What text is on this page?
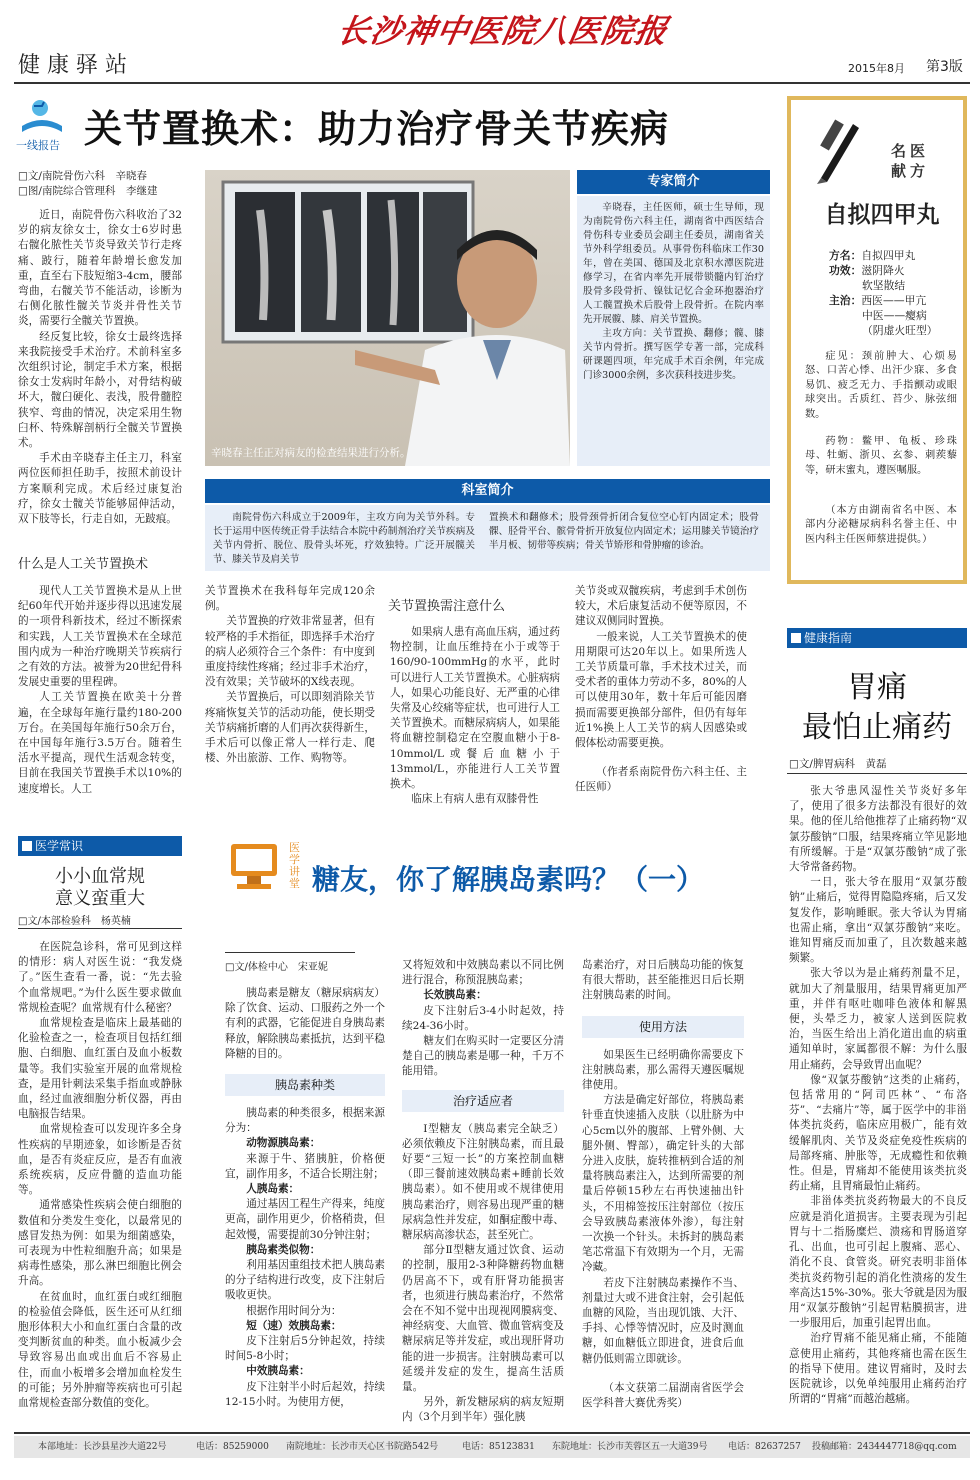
健康驿站
长沙神中医院八医院报
2015年8月 第3版
一线报告 关节置换术：助力治疗骨关节疾病
□文/南院骨伤六科　辛晓春
□图/南院综合管理科　李继建

近日，南院骨伤六科收治了32岁的病友徐女士，徐女士6岁时患右髋化脓性关节炎导致关节行走疼痛、跛行，随着年龄增长愈发加重，直至右下肢短缩3-4cm，腰部弯曲，右髋关节不能活动，诊断为右侧化脓性髋关节炎并骨性关节炎，需要行全髋关节置换。

经反复比较，徐女士最终选择来我院接受手术治疗。术前科室多次组织讨论，制定手术方案，根据徐女士发病时年龄小，对骨结构破坏大，髋臼硬化、表浅，股骨髓腔狭窄、弯曲的情况，决定采用生物臼杯、特殊解剖柄行全髋关节置换术。

手术由辛晓春主任主刀，科室两位医师担任助手，按照术前设计方案顺利完成。术后经过康复治疗，徐女士髋关节能够屈伸活动，双下肢等长，行走自如，无跛痕。

辛晓春主任正对病友的检查结果进行分析。
专家简介

辛晓春，主任医师，硕士生导师，现为南院骨伤六科主任，湖南省中西医结合骨伤科专业委员会副主任委员，湖南省关节外科学组委员。从事骨伤科临床工作30年，曾在美国、德国及北京积水潭医院进修学习，在省内率先开展带锁髓内钉治疗股骨多段骨折、镍钛记忆合金环抱器治疗人工髋置换术后股骨上段骨折。在院内率先开展髋、膝、肩关节置换。

主攻方向：关节置换、翻修；髋、膝关节内骨折。撰写医学专著一部，完成科研课题四项，年完成手术百余例，年完成门诊3000余例，多次获科技进步奖。

科室简介
南院骨伤六科成立于2009年，主攻方向为关节外科。专长于运用中医传统正骨手法结合本院中药制剂治疗关节疾病及关节内骨折、脱位、股骨头坏死，疗效独特。广泛开展髋关节、膝关节及肩关节
置换术和翻修术；股骨颈骨折闭合复位空心钉内固定术；股骨髁、胫骨平台、髌骨骨折开放复位内固定术；运用膝关节镜治疗半月板、韧带等疾病；骨关节矫形和骨肿瘤的诊治。
什么是人工关节置换术

现代人工关节置换术是从上世纪60年代开始并逐步得以迅速发展的一项骨科新技术，经过不断探索和实践，人工关节置换术在全球范围内成为一种治疗晚期关节疾病行之有效的方法。被誉为20世纪骨科发展史重要的里程碑。

人工关节置换在欧美十分普遍，在全球每年施行量约180-200万台。在美国每年施行50余万台，在中国每年施行3.5万台。随着生活水平提高，现代生活观念转变，目前在我国关节置换手术以10%的速度增长。人工

关节置换术在我科每年完成120余例。

关节置换的疗效非常显著，但有较严格的手术指征，即选择手术治疗的病人必须符合三个条件：有中度到重度持续性疼痛；经过非手术治疗，没有效果；关节破坏的X线表现。

关节置换后，可以即刻消除关节疼痛恢复关节的活动功能，使长期受关节病痛折磨的人们再次获得新生，手术后可以像正常人一样行走、爬楼、外出旅游、工作、购物等。

关节置换需注意什么

如果病人患有高血压病，通过药物控制，让血压维持在小于或等于160/90-100mmHg的水平，此时可以进行人工关节置换术。心脏病病人，如果心功能良好、无严重的心律失常及心绞痛等症状，也可进行人工关节置换术。而糖尿病病人，如果能将血糖控制稳定在空腹血糖小于8-10mmol/L或餐后血糖小于13mmol/L，亦能进行人工关节置换术。

临床上有病人患有双膝骨性

关节炎或双髋疾病，考虑到手术创伤较大，术后康复活动不便等原因，不建议双侧同时置换。

一般来说，人工关节置换术的使用期限可达20年以上。如果所选人工关节质量可靠，手术技术过关，而受术者的重体力劳动不多，80%的人可以使用30年，数十年后可能因磨损而需要更换部分部件，但仍有每年近1%换上人工关节的病人因感染或假体松动需要更换。

（作者系南院骨伤六科主任、主任医师）

名医
献方
自拟四甲丸
方名：自拟四甲丸
功效：滋阴降火
软坚散结
主治：西医——甲亢
中医——瘿病
（阴虚火旺型）
症见：颈前肿大、心烦易怒、口苦心悸、出汗少寐、多食易饥、疲乏无力、手指颤动或眼球突出。舌质红、苔少、脉弦细数。
药物：鳖甲、龟板、珍珠母、牡蛎、浙贝、玄参、刺蒺藜等，研末蜜丸，遵医嘱服。
（本方由湖南省名中医、本部内分泌糖尿病科名誉主任、中医内科主任医师蔡进提供。）
健康指南
胃痛
最怕止痛药
□文/脾胃病科　黄磊

张大爷患风湿性关节炎好多年了，使用了很多方法都没有很好的效果。他的侄儿给他推荐了止痛药物“双氯芬酸钠”口服，结果疼痛立竿见影地有所缓解。于是“双氯芬酸钠”成了张大爷常备药物。

一日，张大爷在服用“双氯芬酸钠”止痛后，觉得胃隐隐疼痛，后又发复发作，影响睡眠。张大爷认为胃痛也需止痛，拿出“双氯芬酸钠”来吃。谁知胃痛反而加重了，且次数越来越频繁。

张大爷以为是止痛药剂量不足，就加大了剂量服用，结果胃痛更加严重，并伴有呕吐咖啡色液体和解黑便，头晕乏力，被家人送到医院救治，当医生给出上消化道出血的病重通知单时，家属都很不解：为什么服用止痛药，会导致胃出血呢？

像“双氯芬酸钠”这类的止痛药，包括常用的“阿司匹林”、“布洛芬”、“去痛片”等，属于医学中的非甾体类抗炎药，临床应用极广，能有效缓解肌肉、关节及炎症免疫性疾病的局部疼痛、肿胀等，无成瘾性和依赖性。但是，胃痛却不能使用该类抗炎药止痛，且胃痛最怕止痛药。

非甾体类抗炎药物最大的不良反应就是消化道损害。主要表现为引起胃与十二指肠糜烂、溃疡和胃肠道穿孔、出血，也可引起上腹痛、恶心、消化不良、食管炎。研究表明非甾体类抗炎药物引起的消化性溃疡的发生率高达15%-30%。张大爷就是因为服用“双氯芬酸钠”引起胃粘膜损害，进一步服用后，加重引起胃出血。

治疗胃痛不能见痛止痛，不能随意使用止痛药，其他疼痛也需在医生的指导下使用。建议胃痛时，及时去医院就诊，以免单纯服用止痛药治疗所谓的“胃痛”而越治越痛。

医学常识
小小血常规
意义蛮重大
□文/本部检验科　杨英楠

在医院急诊科，常可见到这样的情形：病人对医生说：“我发烧了。”医生查看一番，说：“先去验个血常规吧。”为什么医生要求做血常规检查呢？血常规有什么秘密？

血常规检查是临床上最基础的化验检查之一，检查项目包括红细胞、白细胞、血红蛋白及血小板数量等。我们实验室开展的血常规检查，是用针刺法采集手指血或静脉血，经过血液细胞分析仪器，再由电脑报告结果。

血常规检查可以发现许多全身性疾病的早期迹象，如诊断是否贫血，是否有炎症反应，是否有血液系统疾病，反应骨髓的造血功能等。

通常感染性疾病会使白细胞的数值和分类发生变化，以最常见的感冒发热为例：如果为细菌感染，可表现为中性粒细胞升高；如果是病毒性感染，那么淋巴细胞比例会升高。

在贫血时，血红蛋白或红细胞的检验值会降低，医生还可从红细胞形体积大小和血红蛋白含量的改变判断贫血的种类。血小板减少会导致容易出血或出血后不容易止住，而血小板增多会增加血栓发生的可能；另外肿瘤等疾病也可引起血常规检查部分数值的变化。

医学讲堂 糖友，你了解胰岛素吗？（一）
□文/体检中心　宋亚妮

胰岛素是糖友（糖尿病病友）除了饮食、运动、口服药之外一个有利的武器，它能促进自身胰岛素释放，解除胰岛素抵抗，达到平稳降糖的目的。

胰岛素种类

胰岛素的种类很多，根据来源分为：

动物源胰岛素：

来源于牛、猪胰脏，价格便宜，副作用多，不适合长期注射；

人胰岛素：

通过基因工程生产得来，纯度更高，副作用更少，价格稍贵，但起效慢，需要提前30分钟注射；

胰岛素类似物：

利用基因重组技术把人胰岛素的分子结构进行改变，皮下注射后吸收更快。

根据作用时间分为：

短（速）效胰岛素：

皮下注射后5分钟起效，持续时间5-8小时；

中效胰岛素：

皮下注射半小时后起效，持续12-15小时。为使用方便，

又将短效和中效胰岛素以不同比例进行混合，称预混胰岛素；

长效胰岛素：

皮下注射后3-4小时起效，持续24-36小时。

糖友们在购买时一定要区分清楚自己的胰岛素是哪一种，千万不能用错。

治疗适应者

Ⅰ型糖友（胰岛素完全缺乏）必须依赖皮下注射胰岛素，而且最好要“三短一长”的方案控制血糖（即三餐前速效胰岛素+睡前长效胰岛素）。如不使用或不规律使用胰岛素治疗，则容易出现严重的糖尿病急性并发症，如酮症酸中毒、糖尿病高渗状态，甚至死亡。

部分Ⅱ型糖友通过饮食、运动的控制，服用2-3种降糖药物血糖仍居高不下，或有肝肾功能损害者，也须进行胰岛素治疗，不然常会在不知不觉中出现视网膜病变、神经病变、大血管、微血管病变及糖尿病足等并发症，或出现肝肾功能的进一步损害。注射胰岛素可以延缓并发症的发生，提高生活质量。

另外，新发糖尿病的病友短期内（3个月到半年）强化胰

岛素治疗，对日后胰岛功能的恢复有很大帮助，甚至能推迟日后长期注射胰岛素的时间。

使用方法

如果医生已经明确你需要皮下注射胰岛素，那么需得天遵医嘱规律使用。

方法是确定好部位，将胰岛素针垂直快速插入皮肤（以肚脐为中心5cm以外的腹部、上臂外侧、大腿外侧、臀部），确定针头的大部分进入皮肤，旋转推柄到合适的剂量将胰岛素注入，达到所需要的剂量后停顿15秒左右再快速抽出针头，不用棉签按压注射部位（按压会导致胰岛素液体外渗），每注射一次换一个针头。未拆封的胰岛素笔芯常温下有效期为一个月，无需冷藏。

若皮下注射胰岛素操作不当、剂量过大或不进食注射，会引起低血糖的风险，当出现饥饿、大汗、手抖、心悸等情况时，应及时测血糖，如血糖低立即进食，进食后血糖仍低则需立即就诊。

（本文获第二届湖南省医学会医学科普大赛优秀奖）

本部地址：长沙县星沙大道22号	电话：85259000 南院地址：长沙市天心区书院路542号	电话：85123831 东院地址：长沙市芙蓉区五一大道39号 电话：82637257 投稿邮箱：2434447718@qq.com
